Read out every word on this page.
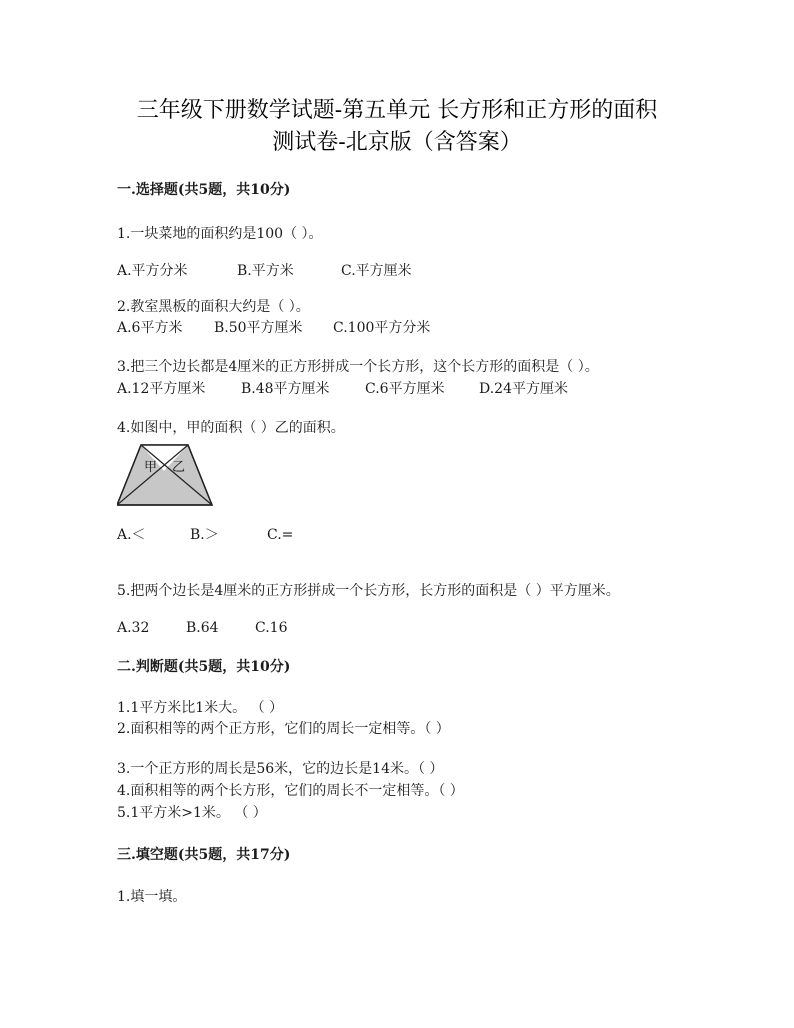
三年级下册数学试题-第五单元 长方形和正方形的面积
测试卷-北京版（含答案）
一.选择题(共5题，共10分)
1.一块菜地的面积约是100（ ）。
A.平方分米	B.平方米	C.平方厘米
2.教室黑板的面积大约是（ ）。
A.6平方米	B.50平方厘米	C.100平方分米
3.把三个边长都是4厘米的正方形拼成一个长方形，这个长方形的面积是（ ）。
A.12平方厘米	B.48平方厘米	C.6平方厘米	D.24平方厘米
4.如图中，甲的面积（ ）乙的面积。
甲 乙
A.＜	B.＞	C.=
5.把两个边长是4厘米的正方形拼成一个长方形，长方形的面积是（ ）平方厘米。
A.32	B.64	C.16
二.判断题(共5题，共10分)
1.1平方米比1米大。 （ ）
2.面积相等的两个正方形，它们的周长一定相等。（ ）
3.一个正方形的周长是56米，它的边长是14米。（ ）
4.面积相等的两个长方形，它们的周长不一定相等。（ ）
5.1平方米>1米。 （ ）
三.填空题(共5题，共17分)
1.填一填。
